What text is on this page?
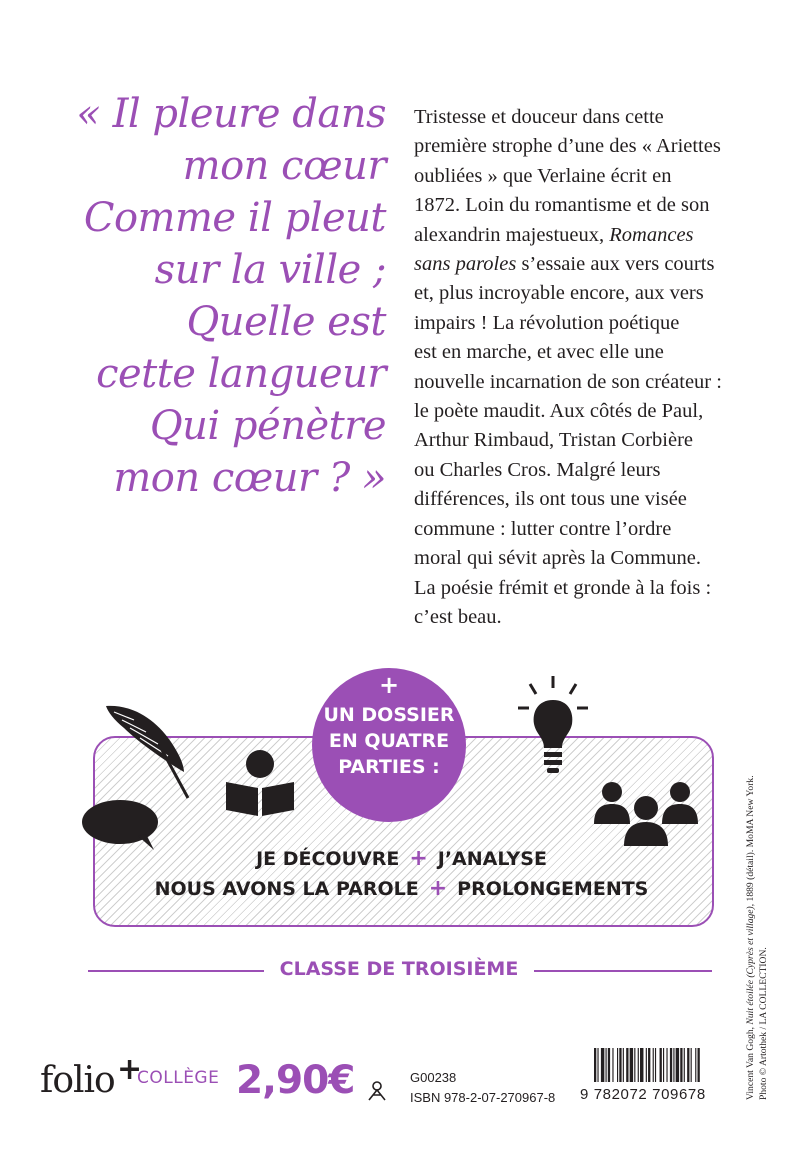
« Il pleure dans
mon cœur
Comme il pleut
sur la ville ;
Quelle est
cette langueur
Qui pénètre
mon cœur ? »
Tristesse et douceur dans cette
première strophe d’une des « Ariettes
oubliées » que Verlaine écrit en
1872. Loin du romantisme et de son
alexandrin majestueux, Romances
sans paroles s’essaie aux vers courts
et, plus incroyable encore, aux vers
impairs ! La révolution poétique
est en marche, et avec elle une
nouvelle incarnation de son créateur :
le poète maudit. Aux côtés de Paul,
Arthur Rimbaud, Tristan Corbière
ou Charles Cros. Malgré leurs
différences, ils ont tous une visée
commune : lutter contre l’ordre
moral qui sévit après la Commune.
La poésie frémit et gronde à la fois :
c’est beau.
+
UN DOSSIER
EN QUATRE
PARTIES :
JE DÉCOUVRE + J’ANALYSE
NOUS AVONS LA PAROLE + PROLONGEMENTS
CLASSE DE TROISIÈME
folio +
COLLÈGE 2,90€	G00238
ISBN 978-2-07-270967-8 9 782072 709678	Vincent Van Gogh, Nuit étoilée (Cyprès et village), 1889 (détail). MoMA New York.
Photo © Artothek / LA COLLECTION.
